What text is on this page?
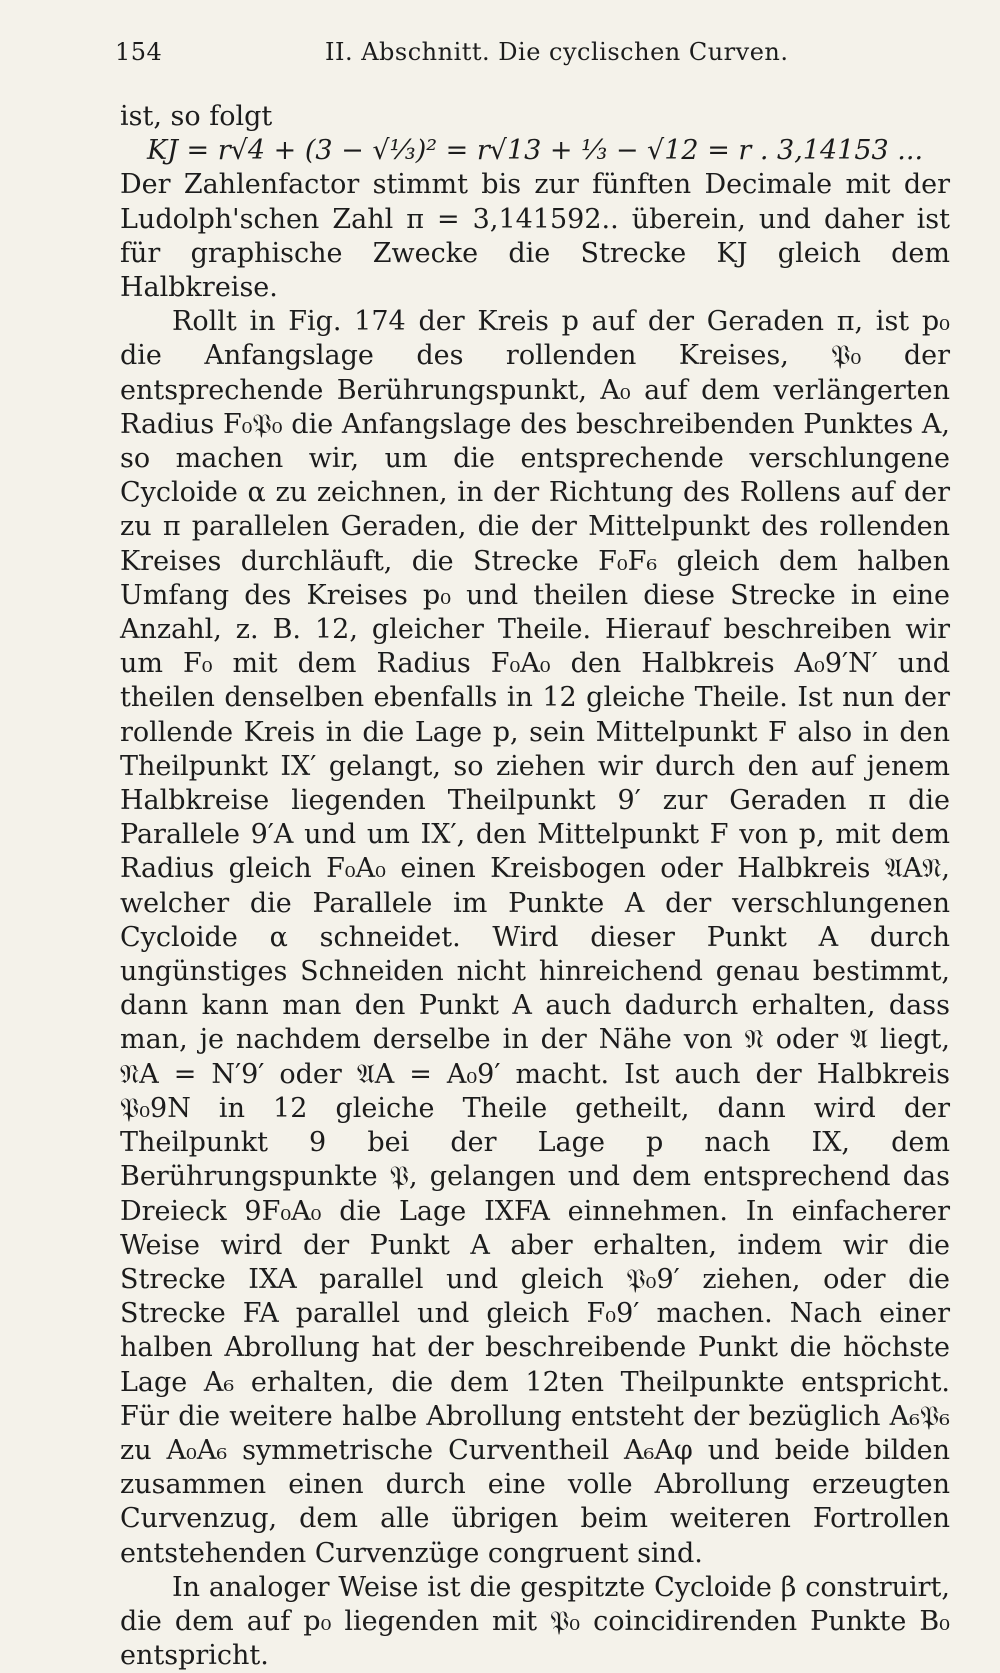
154	II. Abschnitt. Die cyclischen Curven.

ist, so folgt

KJ = r√4 + (3 − √⅓)² = r√13 + ⅓ − √12 = r . 3,14153 ...

Der Zahlenfactor stimmt bis zur fünften Decimale mit der Ludolph'schen Zahl π = 3,141592.. überein, und daher ist für graphische Zwecke die Strecke KJ gleich dem Halbkreise.

Rollt in Fig. 174 der Kreis p auf der Geraden π, ist p₀ die Anfangslage des rollenden Kreises, 𝔓₀ der entsprechende Berührungspunkt, A₀ auf dem verlängerten Radius F₀𝔓₀ die Anfangslage des beschreibenden Punktes A, so machen wir, um die entsprechende verschlungene Cycloide α zu zeichnen, in der Richtung des Rollens auf der zu π parallelen Geraden, die der Mittelpunkt des rollenden Kreises durchläuft, die Strecke F₀F₆ gleich dem halben Umfang des Kreises p₀ und theilen diese Strecke in eine Anzahl, z. B. 12, gleicher Theile. Hierauf beschreiben wir um F₀ mit dem Radius F₀A₀ den Halbkreis A₀9′N′ und theilen denselben ebenfalls in 12 gleiche Theile. Ist nun der rollende Kreis in die Lage p, sein Mittelpunkt F also in den Theilpunkt IX′ gelangt, so ziehen wir durch den auf jenem Halbkreise liegenden Theilpunkt 9′ zur Geraden π die Parallele 9′A und um IX′, den Mittelpunkt F von p, mit dem Radius gleich F₀A₀ einen Kreisbogen oder Halbkreis 𝔄A𝔑, welcher die Parallele im Punkte A der verschlungenen Cycloide α schneidet. Wird dieser Punkt A durch ungünstiges Schneiden nicht hinreichend genau bestimmt, dann kann man den Punkt A auch dadurch erhalten, dass man, je nachdem derselbe in der Nähe von 𝔑 oder 𝔄 liegt, 𝔑A = N′9′ oder 𝔄A = A₀9′ macht. Ist auch der Halbkreis 𝔓₀9N in 12 gleiche Theile getheilt, dann wird der Theilpunkt 9 bei der Lage p nach IX, dem Berührungspunkte 𝔓, gelangen und dem entsprechend das Dreieck 9F₀A₀ die Lage IXFA einnehmen. In einfacherer Weise wird der Punkt A aber erhalten, indem wir die Strecke IXA parallel und gleich 𝔓₀9′ ziehen, oder die Strecke FA parallel und gleich F₀9′ machen. Nach einer halben Abrollung hat der beschreibende Punkt die höchste Lage A₆ erhalten, die dem 12ten Theilpunkte entspricht. Für die weitere halbe Abrollung entsteht der bezüglich A₆𝔓₆ zu A₀A₆ symmetrische Curventheil A₆Aφ und beide bilden zusammen einen durch eine volle Abrollung erzeugten Curvenzug, dem alle übrigen beim weiteren Fortrollen entstehenden Curvenzüge congruent sind.

In analoger Weise ist die gespitzte Cycloide β construirt, die dem auf p₀ liegenden mit 𝔓₀ coincidirenden Punkte B₀ entspricht.
